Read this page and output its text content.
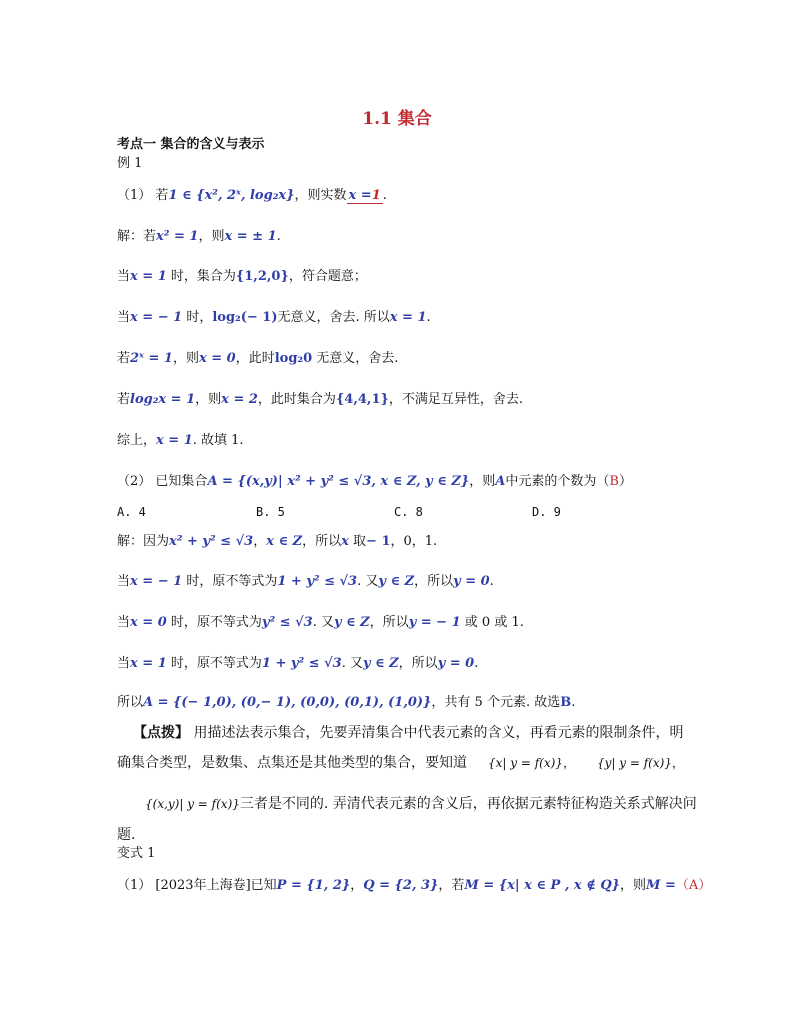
1.1 集合
考点一 集合的含义与表示
例 1
（1） 若1 ∈ {x², 2ˣ, log₂x}，则实数 x =1 .
解：若x² = 1，则x = ± 1.
当x = 1 时，集合为{1,2,0}，符合题意；
当x = − 1 时，log₂(− 1)无意义，舍去. 所以x = 1.
若2ˣ = 1，则x = 0，此时log₂0 无意义，舍去.
若log₂x = 1，则x = 2，此时集合为{4,4,1}，不满足互异性，舍去.
综上，x = 1. 故填 1.
（2） 已知集合A = {(x,y)| x² + y² ≤ √3, x ∈ Z, y ∈ Z}，则A中元素的个数为（B）
A. 4	B. 5	C. 8	D. 9
解：因为x² + y² ≤ √3，x ∈ Z，所以x 取− 1，0，1.
当x = − 1 时，原不等式为1 + y² ≤ √3. 又y ∈ Z，所以y = 0.
当x = 0 时，原不等式为y² ≤ √3. 又y ∈ Z，所以y = − 1 或 0 或 1.
当x = 1 时，原不等式为1 + y² ≤ √3. 又y ∈ Z，所以y = 0.
所以A = {(− 1,0), (0,− 1), (0,0), (0,1), (1,0)}，共有 5 个元素. 故选B.
【点拨】 用描述法表示集合，先要弄清集合中代表元素的含义，再看元素的限制条件，明
确集合类型，是数集、点集还是其他类型的集合，要知道 {x| y = f(x)}， {y| y = f(x)}，
{(x,y)| y = f(x)}三者是不同的. 弄清代表元素的含义后，再依据元素特征构造关系式解决问
题.
变式 1
（1） [2023年上海卷]已知P = {1, 2}，Q = {2, 3}，若M = {x| x ∈ P , x ∉ Q}，则M =（A）
